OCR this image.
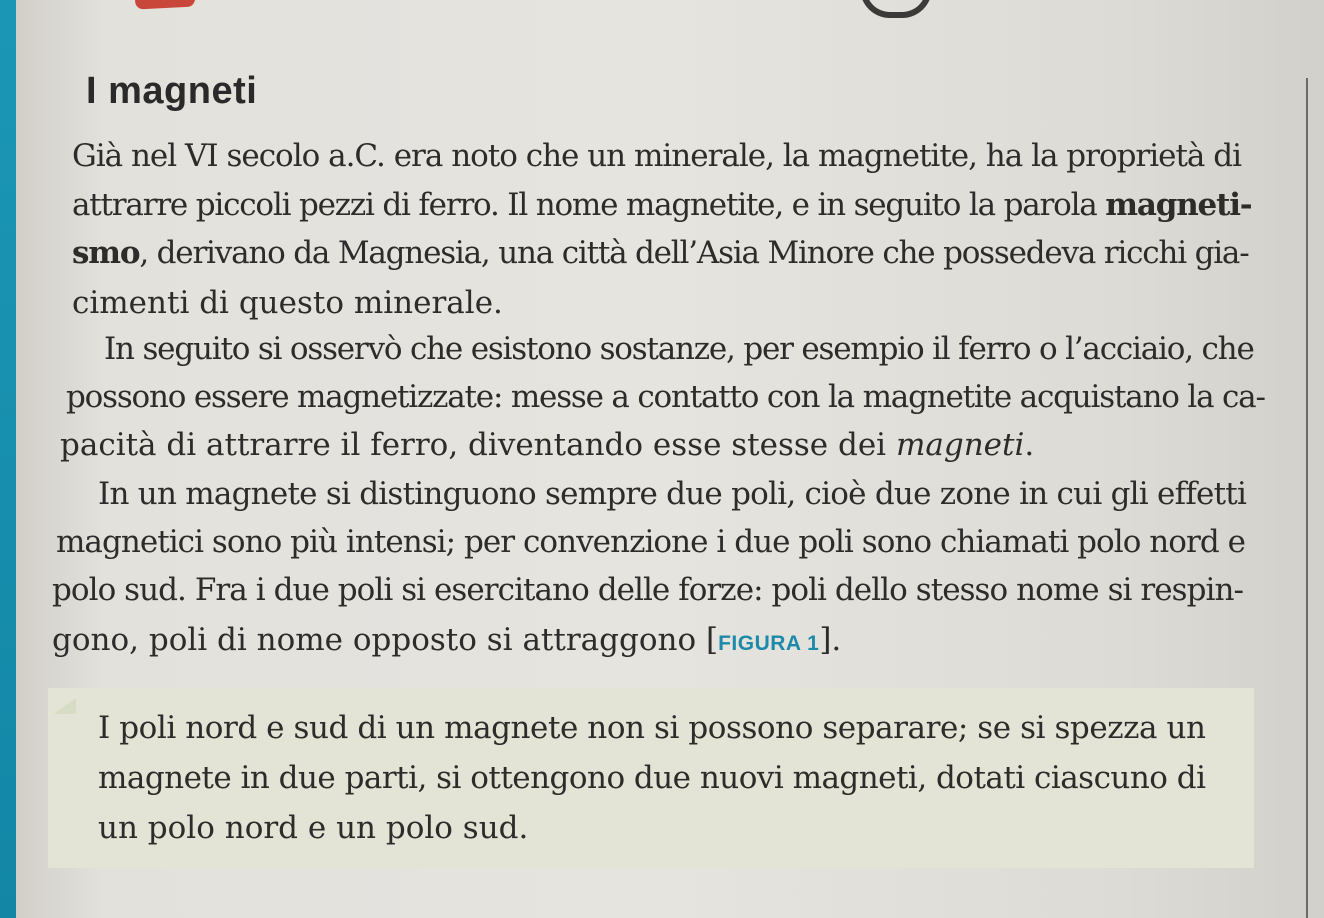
I magneti
Già nel VI secolo a.C. era noto che un minerale, la magnetite, ha la proprietà di
attrarre piccoli pezzi di ferro. Il nome magnetite, e in seguito la parola magneti-
smo, derivano da Magnesia, una città dell’Asia Minore che possedeva ricchi gia-
cimenti di questo minerale.
In seguito si osservò che esistono sostanze, per esempio il ferro o l’acciaio, che
possono essere magnetizzate: messe a contatto con la magnetite acquistano la ca-
pacità di attrarre il ferro, diventando esse stesse dei magneti.
In un magnete si distinguono sempre due poli, cioè due zone in cui gli effetti
magnetici sono più intensi; per convenzione i due poli sono chiamati polo nord e
polo sud. Fra i due poli si esercitano delle forze: poli dello stesso nome si respin-
gono, poli di nome opposto si attraggono [FIGURA 1].
I poli nord e sud di un magnete non si possono separare; se si spezza un
magnete in due parti, si ottengono due nuovi magneti, dotati ciascuno di
un polo nord e un polo sud.
